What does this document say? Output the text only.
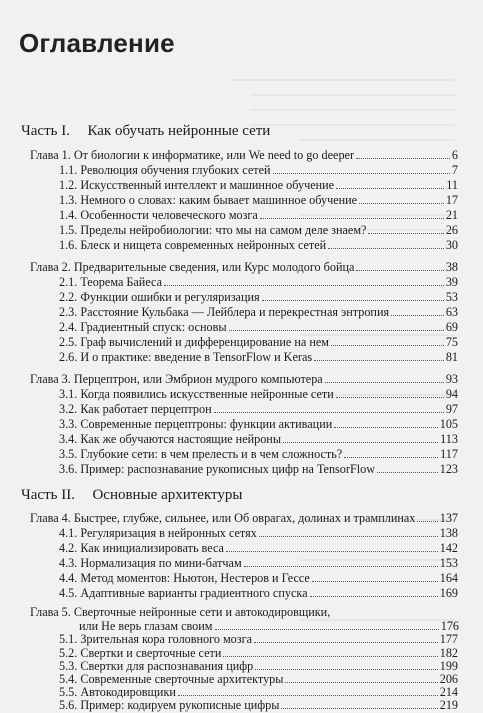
Оглавление
Часть I. Как обучать нейронные сети
Глава 1. От биологии к информатике, или We need to go deeper	6
1.1. Революция обучения глубоких сетей	7
1.2. Искусственный интеллект и машинное обучение	11
1.3. Немного о словах: каким бывает машинное обучение	17
1.4. Особенности человеческого мозга	21
1.5. Пределы нейробиологии: что мы на самом деле знаем?	26
1.6. Блеск и нищета современных нейронных сетей	30
Глава 2. Предварительные сведения, или Курс молодого бойца	38
2.1. Теорема Байеса	39
2.2. Функции ошибки и регуляризация	53
2.3. Расстояние Кульбака — Лейблера и перекрестная энтропия	63
2.4. Градиентный спуск: основы	69
2.5. Граф вычислений и дифференцирование на нем	75
2.6. И о практике: введение в TensorFlow и Keras	81
Глава 3. Перцептрон, или Эмбрион мудрого компьютера	93
3.1. Когда появились искусственные нейронные сети	94
3.2. Как работает перцептрон	97
3.3. Современные перцептроны: функции активации	105
3.4. Как же обучаются настоящие нейроны	113
3.5. Глубокие сети: в чем прелесть и в чем сложность?	117
3.6. Пример: распознавание рукописных цифр на TensorFlow	123
Часть II. Основные архитектуры
Глава 4. Быстрее, глубже, сильнее, или Об оврагах, долинах и трамплинах 137
4.1. Регуляризация в нейронных сетях	138
4.2. Как инициализировать веса	142
4.3. Нормализация по мини-батчам	153
4.4. Метод моментов: Ньютон, Нестеров и Гессе	164
4.5. Адаптивные варианты градиентного спуска	169
Глава 5. Сверточные нейронные сети и автокодировщики,
или Не верь глазам своим	176
5.1. Зрительная кора головного мозга	177
5.2. Свертки и сверточные сети	182
5.3. Свертки для распознавания цифр	199
5.4. Современные сверточные архитектуры	206
5.5. Автокодировщики	214
5.6. Пример: кодируем рукописные цифры	219
